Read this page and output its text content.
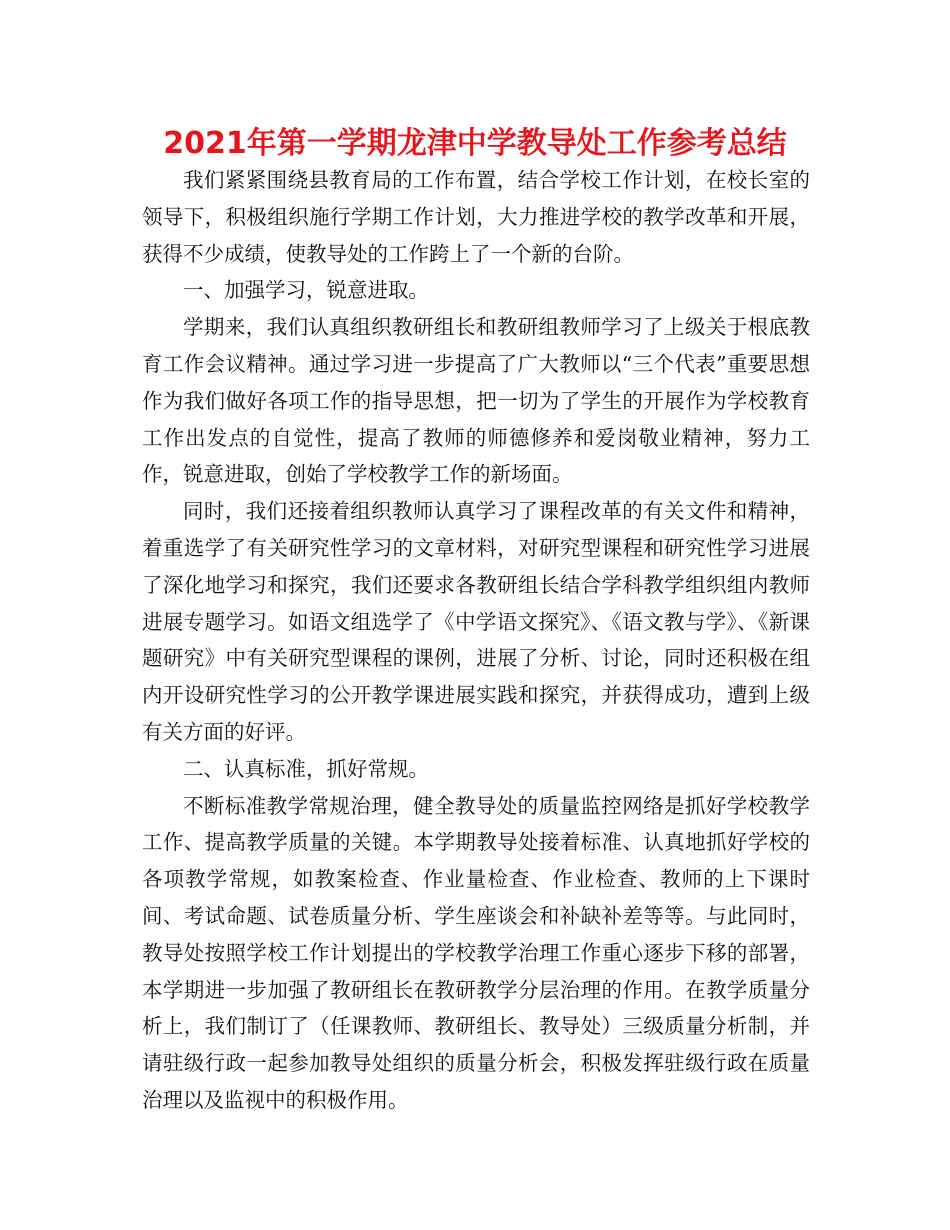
2021年第一学期龙津中学教导处工作参考总结

我们紧紧围绕县教育局的工作布置，结合学校工作计划，在校长室的领导下，积极组织施行学期工作计划，大力推进学校的教学改革和开展，获得不少成绩，使教导处的工作跨上了一个新的台阶。

一、加强学习，锐意进取。

学期来，我们认真组织教研组长和教研组教师学习了上级关于根底教育工作会议精神。通过学习进一步提高了广大教师以“三个代表”重要思想作为我们做好各项工作的指导思想，把一切为了学生的开展作为学校教育工作出发点的自觉性，提高了教师的师德修养和爱岗敬业精神，努力工作，锐意进取，创始了学校教学工作的新场面。

同时，我们还接着组织教师认真学习了课程改革的有关文件和精神，着重选学了有关研究性学习的文章材料，对研究型课程和研究性学习进展了深化地学习和探究，我们还要求各教研组长结合学科教学组织组内教师进展专题学习。如语文组选学了《中学语文探究》、《语文教与学》、《新课题研究》中有关研究型课程的课例，进展了分析、讨论，同时还积极在组内开设研究性学习的公开教学课进展实践和探究，并获得成功，遭到上级有关方面的好评。

二、认真标准，抓好常规。

不断标准教学常规治理，健全教导处的质量监控网络是抓好学校教学工作、提高教学质量的关键。本学期教导处接着标准、认真地抓好学校的各项教学常规，如教案检查、作业量检查、作业检查、教师的上下课时间、考试命题、试卷质量分析、学生座谈会和补缺补差等等。与此同时，教导处按照学校工作计划提出的学校教学治理工作重心逐步下移的部署，本学期进一步加强了教研组长在教研教学分层治理的作用。在教学质量分析上，我们制订了（任课教师、教研组长、教导处）三级质量分析制，并请驻级行政一起参加教导处组织的质量分析会，积极发挥驻级行政在质量治理以及监视中的积极作用。
